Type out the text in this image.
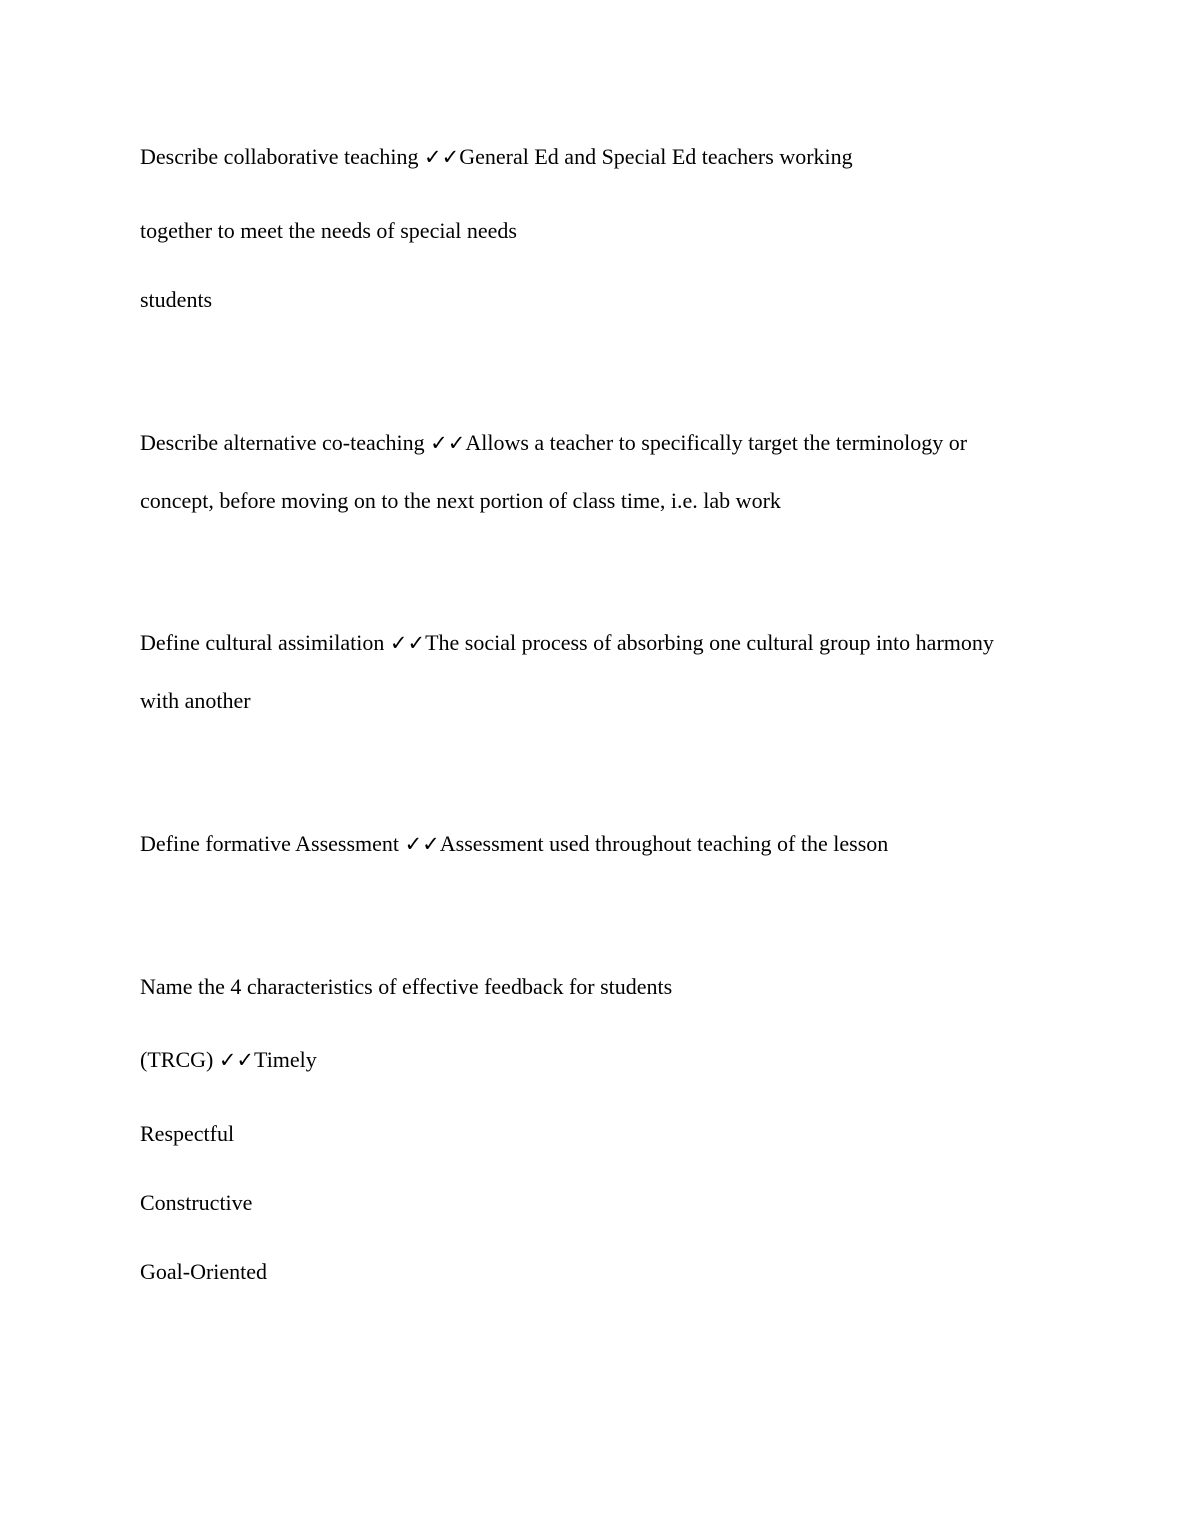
Describe collaborative teaching ✓✓General Ed and Special Ed teachers working
together to meet the needs of special needs
students
Describe alternative co-teaching ✓✓Allows a teacher to specifically target the terminology or
concept, before moving on to the next portion of class time, i.e. lab work
Define cultural assimilation ✓✓The social process of absorbing one cultural group into harmony
with another
Define formative Assessment ✓✓Assessment used throughout teaching of the lesson
Name the 4 characteristics of effective feedback for students
(TRCG) ✓✓Timely
Respectful
Constructive
Goal-Oriented
